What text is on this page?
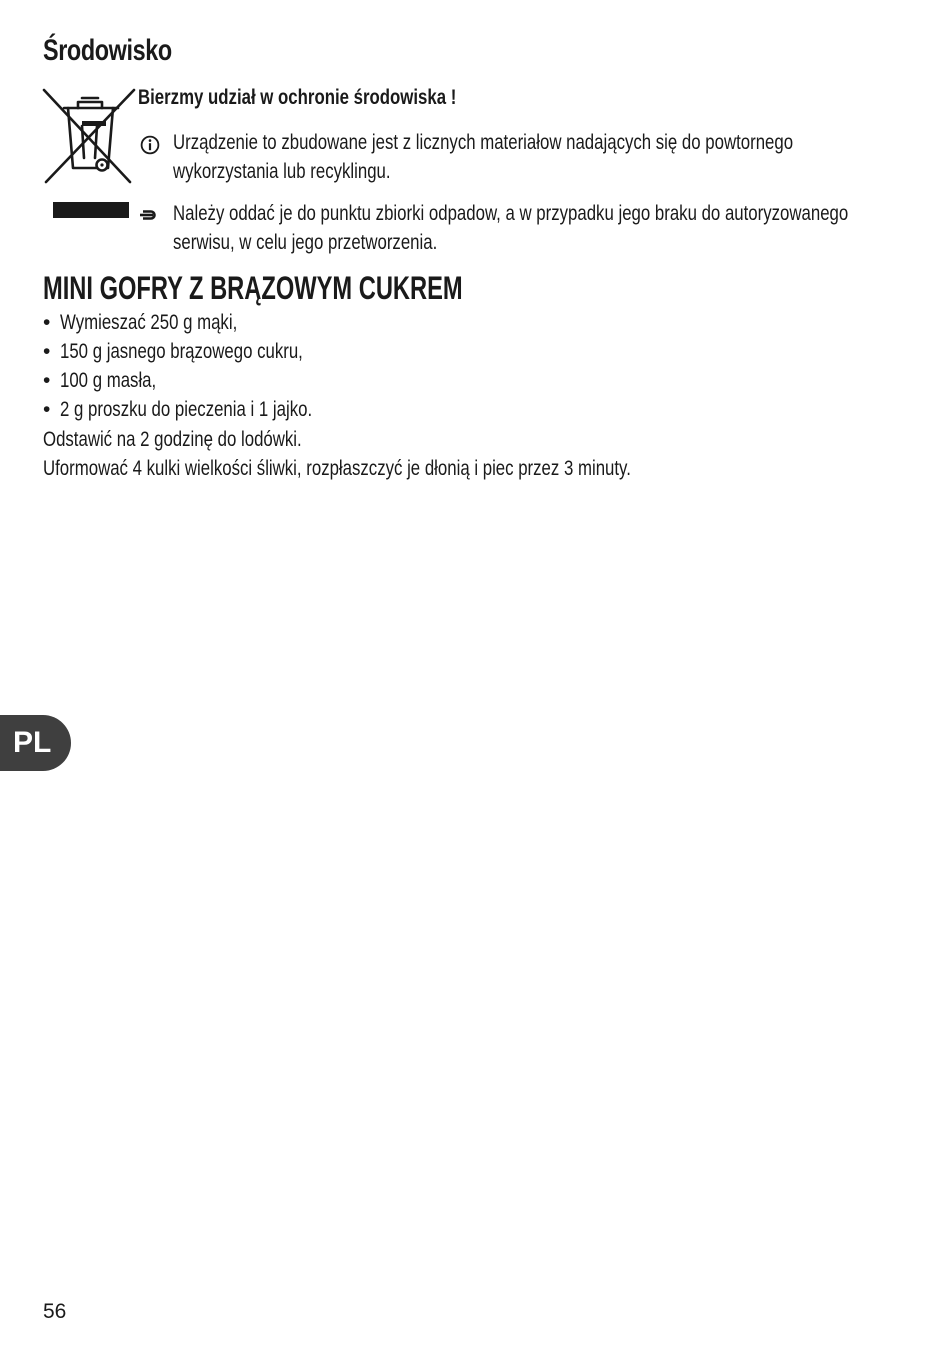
Środowisko
Bierzmy udział w ochronie środowiska !
Urządzenie to zbudowane jest z licznych materiałow nadających się do powtornego
wykorzystania lub recyklingu.
Należy oddać je do punktu zbiorki odpadow, a w przypadku jego braku do autoryzowanego
serwisu, w celu jego przetworzenia.
MINI GOFRY Z BRĄZOWYM CUKREM
• Wymieszać 250 g mąki,
• 150 g jasnego brązowego cukru,
• 100 g masła,
• 2 g proszku do pieczenia i 1 jajko.
Odstawić na 2 godzinę do lodówki.
Uformować 4 kulki wielkości śliwki, rozpłaszczyć je dłonią i piec przez 3 minuty.
PL
56
